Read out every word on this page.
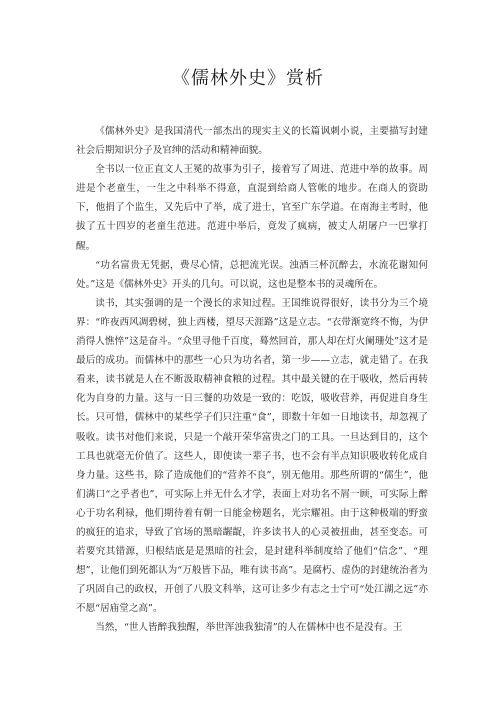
《儒林外史》赏析

《儒林外史》是我国清代一部杰出的现实主义的长篇讽刺小说，主要描写封建社会后期知识分子及官绅的活动和精神面貌。

全书以一位正直文人王冕的故事为引子，接着写了周进、范进中举的故事。周进是个老童生，一生之中科举不得意，直混到给商人管帐的地步。在商人的资助下，他捐了个监生，又先后中了举，成了进士，官至广东学道。在南海主考时，他拔了五十四岁的老童生范进。范进中举后，竟发了疯病，被丈人胡屠户一巴掌打醒。

“功名富贵无凭据，费尽心情，总把流光误。浊酒三杯沉醉去，水流花谢知何处。”这是《儒林外史》开头的几句。可以说，这也是整本书的灵魂所在。

读书，其实强调的是一个漫长的求知过程。王国维说得很好，读书分为三个境界：“昨夜西风凋碧树，独上西楼，望尽天涯路”这是立志。“衣带渐宽终不悔，为伊消得人憔悴”这是奋斗。“众里寻他千百度，蓦然回首，那人却在灯火阑珊处”这才是最后的成功。而儒林中的那些一心只为功名者，第一步——立志，就走错了。在我看来，读书就是人在不断汲取精神食粮的过程。其中最关键的在于吸收，然后再转化为自身的力量。这与一日三餐的功效是一致的：吃饭，吸收营养，再促进自身生长。只可惜，儒林中的某些学子们只注重“食”，即数十年如一日地读书，却忽视了吸收。读书对他们来说，只是一个敲开荣华富贵之门的工具。一旦达到目的，这个工具也就毫无价值了。这些人，即使读一辈子书，也不会有半点知识吸收转化成自身力量。这些书，除了造成他们的“营养不良”，别无他用。那些所谓的“儒生”，他们满口“之乎者也”，可实际上并无什么才学，表面上对功名不屑一顾，可实际上醉心于功名利禄，他们期待着有朝一日能金榜题名，光宗耀祖。由于这种极端的野蛮的疯狂的追求，导致了官场的黑暗龌龊，许多读书人的心灵被扭曲，甚至变态。可若要究其错源，归根结底是是黑暗的社会，是封建科举制度给了他们“信念”、“理想”，让他们到死都认为“万般皆下品，唯有读书高”。是腐朽、虚伪的封建统治者为了巩固自己的政权，开创了八股文科举，这可让多少有志之士宁可“处江湖之远”亦不愿“居庙堂之高”。

当然，“世人皆醉我独醒，举世浑浊我独清”的人在儒林中也不是没有。王
